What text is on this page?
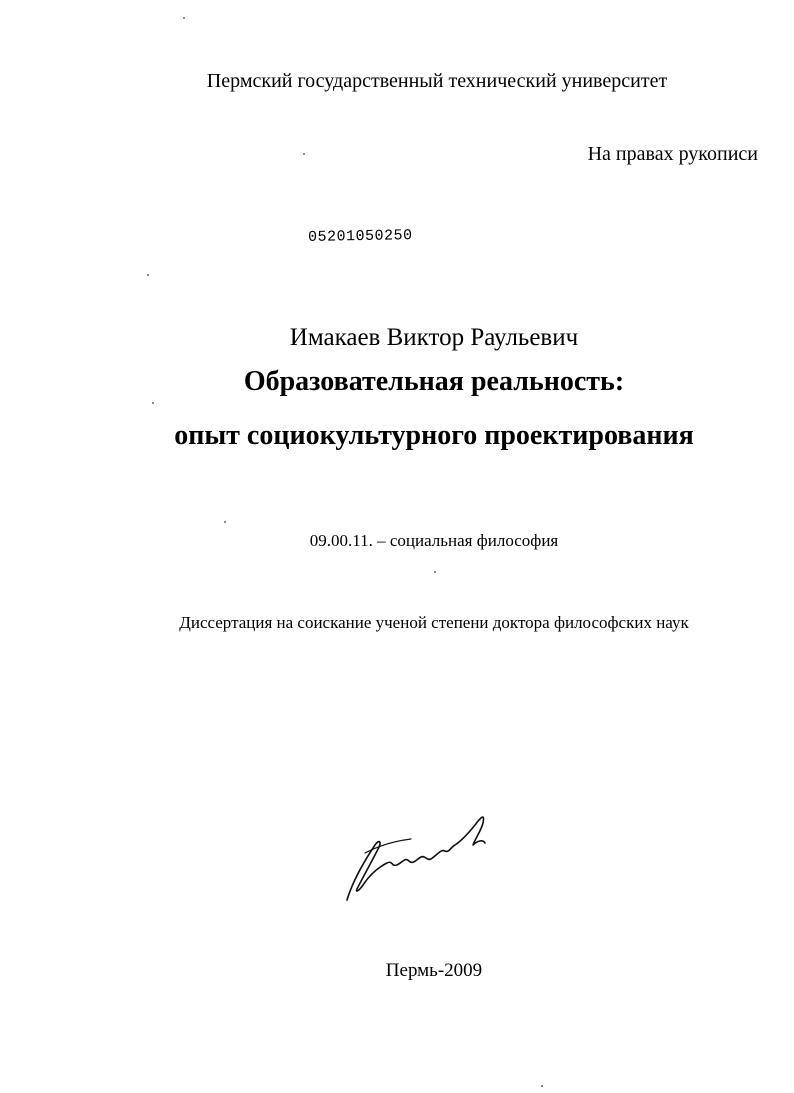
Пермский государственный технический университет
На правах рукописи
05201050250
Имакаев Виктор Раульевич
Образовательная реальность:
опыт социокультурного проектирования
09.00.11. – социальная философия
Диссертация на соискание ученой степени доктора философских наук
Пермь-2009
